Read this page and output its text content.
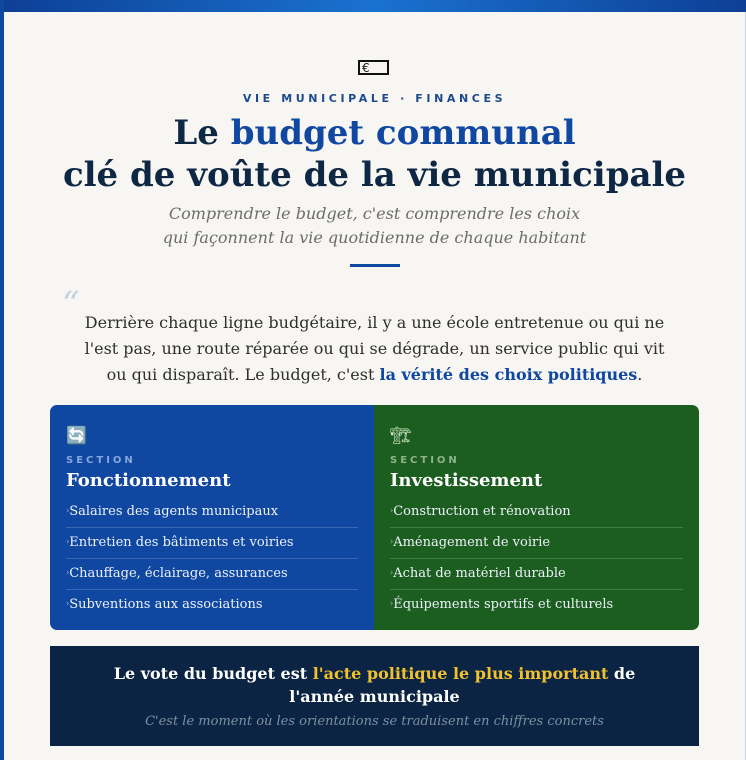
€
VIE MUNICIPALE · FINANCES
Le budget communal
clé de voûte de la vie municipale
Comprendre le budget, c'est comprendre les choix
qui façonnent la vie quotidienne de chaque habitant
“ Derrière chaque ligne budgétaire, il y a une école entretenue ou qui ne
l'est pas, une route réparée ou qui se dégrade, un service public qui vit
ou qui disparaît. Le budget, c'est la vérité des choix politiques.
🔄
SECTION
Fonctionnement
›Salaires des agents municipaux
›Entretien des bâtiments et voiries
›Chauffage, éclairage, assurances
›Subventions aux associations
🏗
SECTION
Investissement
›Construction et rénovation
›Aménagement de voirie
›Achat de matériel durable
›Équipements sportifs et culturels
Le vote du budget est l'acte politique le plus important de
l'année municipale
C'est le moment où les orientations se traduisent en chiffres concrets
